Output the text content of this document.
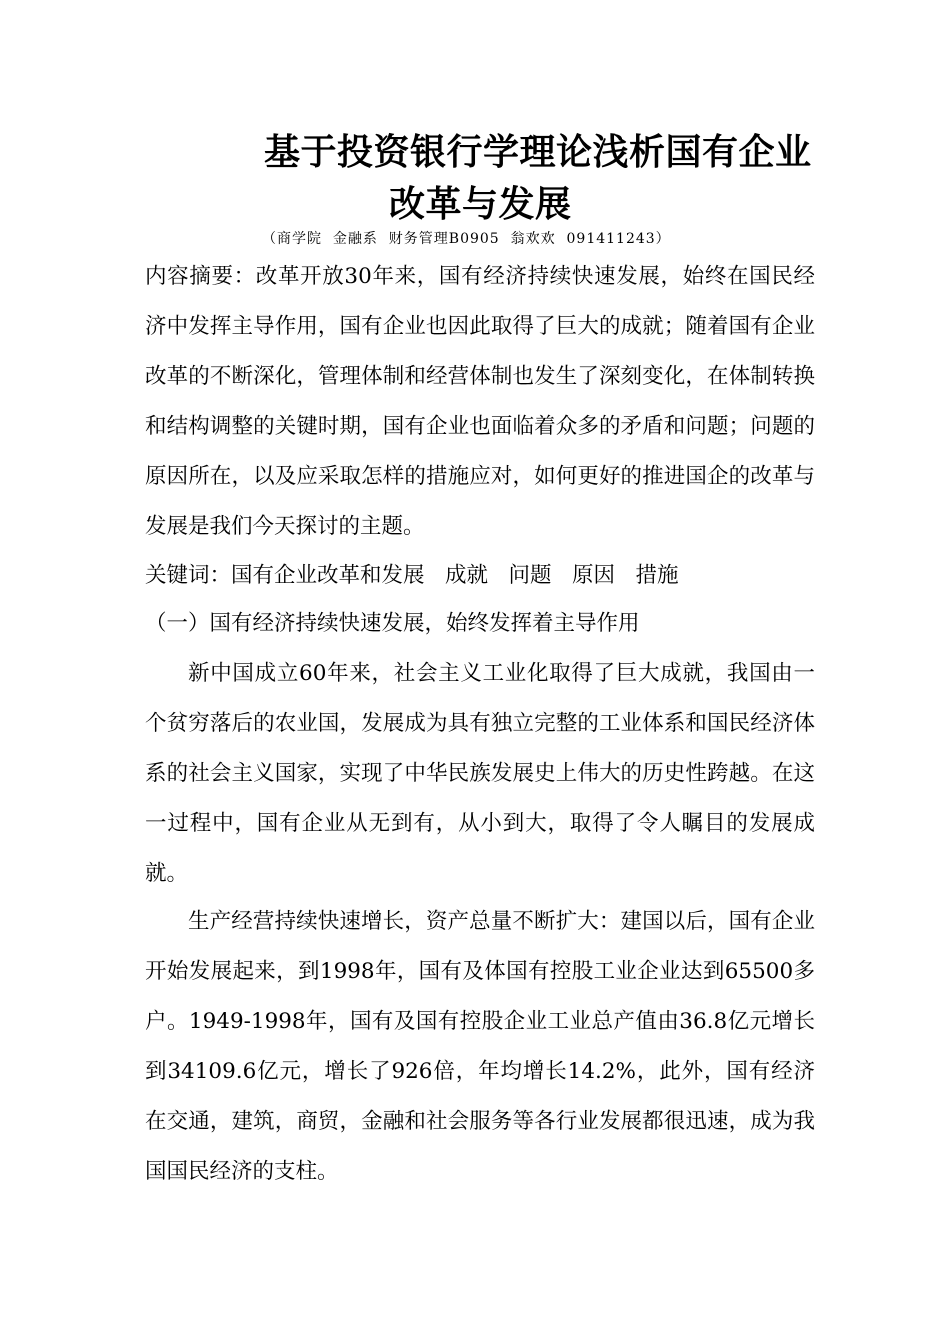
基于投资银行学理论浅析国有企业
改革与发展
（商学院  金融系  财务管理B0905  翁欢欢  091411243）
内容摘要：改革开放30年来，国有经济持续快速发展，始终在国民经济中发挥主导作用，国有企业也因此取得了巨大的成就；随着国有企业改革的不断深化，管理体制和经营体制也发生了深刻变化，在体制转换和结构调整的关键时期，国有企业也面临着众多的矛盾和问题；问题的原因所在，以及应采取怎样的措施应对，如何更好的推进国企的改革与发展是我们今天探讨的主题。
关键词：国有企业改革和发展   成就   问题   原因   措施
（一）国有经济持续快速发展，始终发挥着主导作用
新中国成立60年来，社会主义工业化取得了巨大成就，我国由一个贫穷落后的农业国，发展成为具有独立完整的工业体系和国民经济体系的社会主义国家，实现了中华民族发展史上伟大的历史性跨越。在这一过程中，国有企业从无到有，从小到大，取得了令人瞩目的发展成就。
生产经营持续快速增长，资产总量不断扩大：建国以后，国有企业开始发展起来，到1998年，国有及体国有控股工业企业达到65500多户。1949-1998年，国有及国有控股企业工业总产值由36.8亿元增长到34109.6亿元，增长了926倍，年均增长14.2%，此外，国有经济在交通，建筑，商贸，金融和社会服务等各行业发展都很迅速，成为我国国民经济的支柱。
